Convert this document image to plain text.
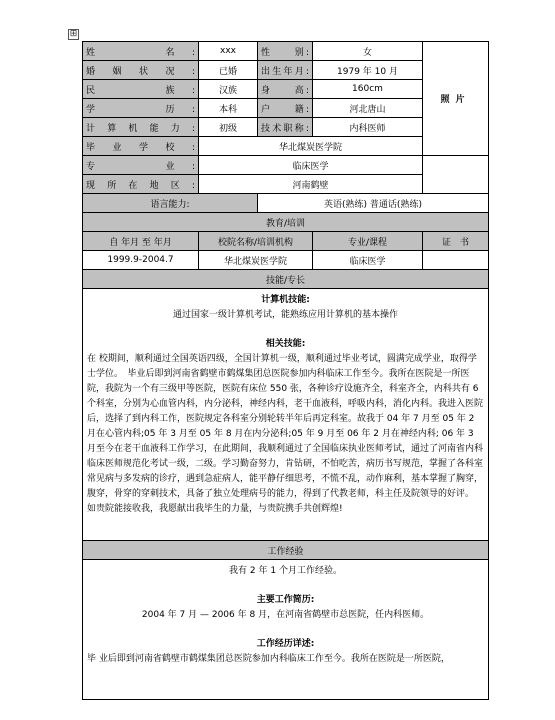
⊞
姓　　名:	xxx	性　　别:	女	照片
婚姻状况:	已婚	出生年月:	1979 年 10 月	
民　　族:	汉族	身　　高:	160cm	
学　　历:	本科	户　　籍:	河北唐山	
计算机能力:	初级	技术职称:	内科医师	
毕业学校:	华北煤炭医学院			
专　　业:	临床医学			
现所在地区:	河南鹤壁			
语言能力:		英语(熟练) 普通话(熟练)		
教育/培训				
自 年月 至 年月	校院名称/培训机构		专业/课程	证　书
1999.9-2004.7	华北煤炭医学院		临床医学	
技能/专长				

计算机技能:

通过国家一级计算机考试，能熟练应用计算机的基本操作

相关技能:

在 校期间，顺利通过全国英语四级，全国计算机一级，顺利通过毕业考试，圆满完成学业，取得学士学位。　毕业后即到河南省鹤壁市鹤煤集团总医院参加内科临床工作至今。我所在医院是一所医院，我院为一个有三级甲等医院，医院有床位 550 张，各种诊疗设施齐全，科室齐全，内科共有 6 个科室，分别为心血管内科，内分泌科，神经内科，老干血液科，呼吸内科，消化内科。我进入医院后，选择了到内科工作，医院规定各科室分别轮转半年后再定科室。故我于 04 年 7 月至 05 年 2 月在心管内科;05 年 3 月至 05 年 8 月在内分泌科;05 年 9 月至 06 年 2 月在神经内科; 06 年 3 月至今在老干血液科工作学习，在此期间，我顺利通过了全国临床执业医师考试，通过了河南省内科临床医师规范化考试一级，二级。学习勤奋努力，肯钻研，不怕吃苦，病历书写规范，掌握了各科室常见病与多发病的诊疗，遇到急症病人，能平静仔细思考，不慌不乱，动作麻利，基本掌握了胸穿，腹穿，骨穿的穿刺技术，具备了独立处理病号的能力，得到了代教老师，科主任及院领导的好评。　如贵院能接收我，我愿献出我毕生的力量，与贵院携手共创辉煌!				

工作经验				

我有 2 年 1 个月工作经验。

主要工作简历:

2004 年 7 月 — 2006 年 8 月，在河南省鹤壁市总医院，任内科医师。

工作经历详述:

毕 业后即到河南省鹤壁市鹤煤集团总医院参加内科临床工作至今。我所在医院是一所医院，				
